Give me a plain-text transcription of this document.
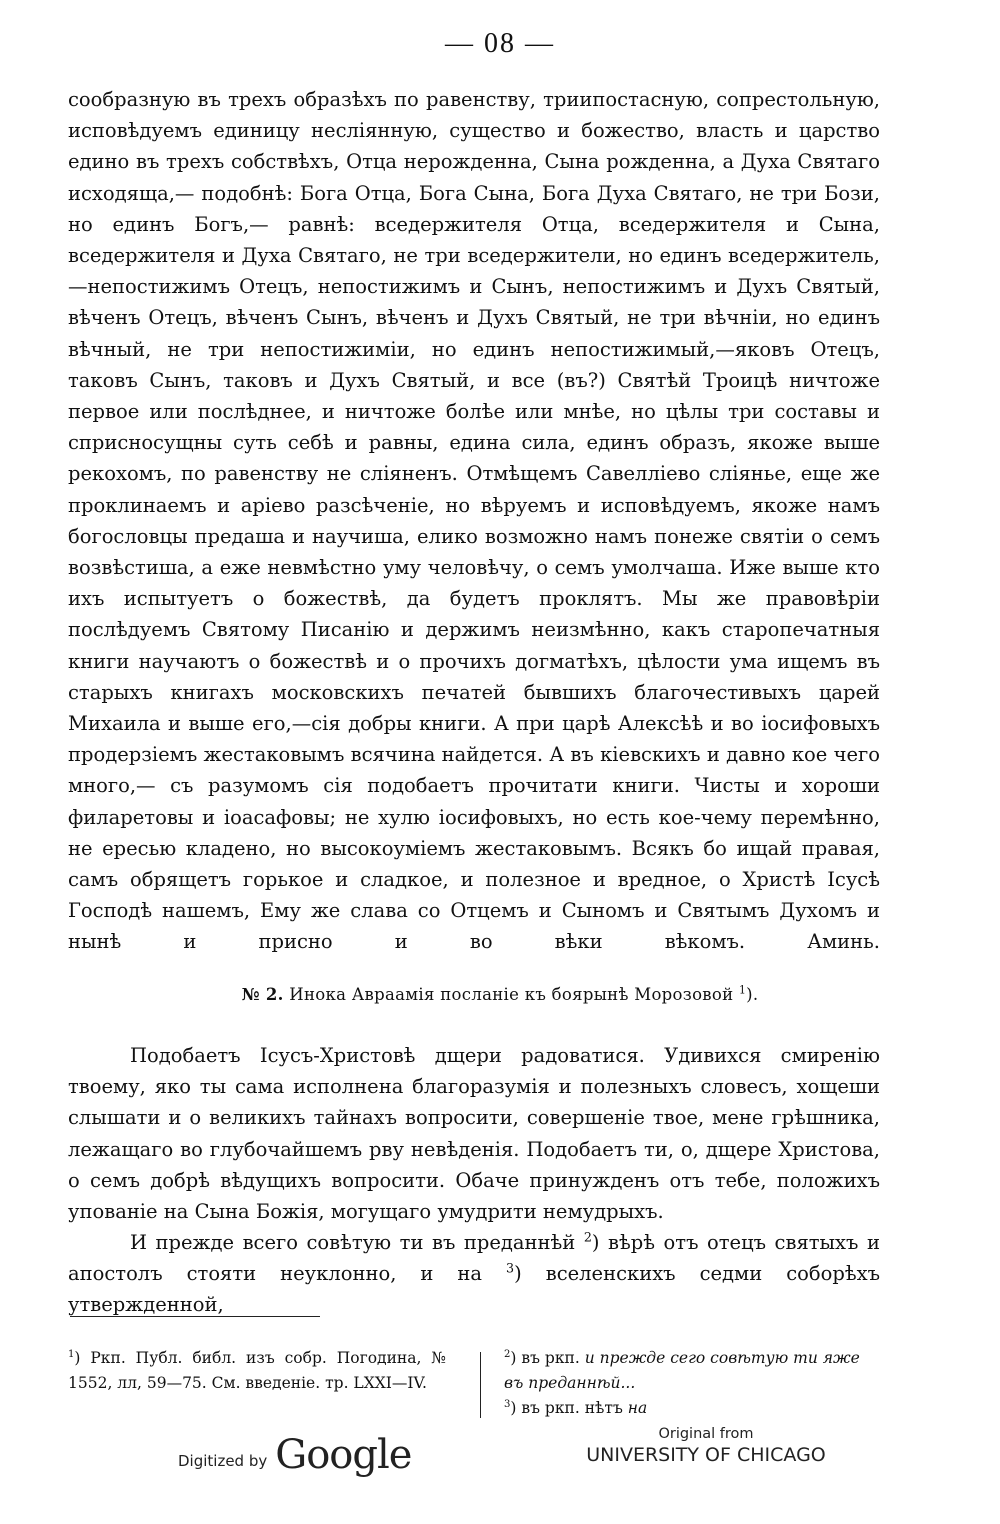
— 08 —

сообразную въ трехъ образѣхъ по равенству, триипостасную, сопрестольную, исповѣдуемъ единицу неслiянную, существо и божество, власть и царство едино въ трехъ собствѣхъ, Отца нерожденна, Сына рожденна, а Духа Святаго исходяща,— подобнѣ: Бога Отца, Бога Сына, Бога Духа Святаго, не три Бози, но единъ Богъ,— равнѣ: вседержителя Отца, вседержителя и Сына, вседержителя и Духа Святаго, не три вседержители, но единъ вседержитель,—непостижимъ Отецъ, непостижимъ и Сынъ, непостижимъ и Духъ Святый, вѣченъ Отецъ, вѣченъ Сынъ, вѣченъ и Духъ Святый, не три вѣчніи, но единъ вѣчный, не три непостижиміи, но единъ непостижимый,—яковъ Отецъ, таковъ Сынъ, таковъ и Духъ Святый, и все (въ?) Святѣй Троицѣ ничтоже первое или послѣднее, и ничтоже болѣе или мнѣе, но цѣлы три составы и сприсносущны суть себѣ и равны, едина сила, единъ образъ, якоже выше рекохомъ, по равенству не слiяненъ. Отмѣщемъ Савелліево сліянье, еще же проклинаемъ и аріево разсѣченіе, но вѣруемъ и исповѣдуемъ, якоже намъ богословцы предаша и научиша, елико возможно намъ понеже святіи о семъ возвѣстиша, а еже невмѣстно уму человѣчу, о семъ умолчаша. Иже выше кто ихъ испытуетъ о божествѣ, да будетъ проклятъ. Мы же правовѣріи послѣдуемъ Святому Писанію и держимъ неизмѣнно, какъ старопечатныя книги научаютъ о божествѣ и о прочихъ догматѣхъ, цѣлости ума ищемъ въ старыхъ книгахъ московскихъ печатей бывшихъ благочестивыхъ царей Михаила и выше его,—сія добры книги. А при царѣ Алексѣѣ и во іосифовыхъ продерзіемъ жестаковымъ всячина найдется. А въ кіевскихъ и давно кое чего много,— съ разумомъ сія подобаетъ прочитати книги. Чисты и хороши филаретовы и іоасафовы; не хулю іосифовыхъ, но есть кое-чему перемѣнно, не ересью кладено, но высокоуміемъ жестаковымъ. Всякъ бо ищай правая, самъ обрящетъ горькое и сладкое, и полезное и вредное, о Христѣ Ісусѣ Господѣ нашемъ, Ему же слава со Отцемъ и Сыномъ и Святымъ Духомъ и нынѣ и присно и во вѣки вѣкомъ. Аминь.

№ 2. Инока Авраамія посланіе къ боярынѣ Морозовой $^1$).

Подобаетъ Ісусъ-Христовѣ дщери радоватися. Удивихся смиренію твоему, яко ты сама исполнена благоразумія и полезныхъ словесъ, хощеши слышати и о великихъ тайнахъ вопросити, совершеніе твое, мене грѣшника, лежащаго во глубочайшемъ рву невѣденія. Подобаетъ ти, о, дщере Христова, о семъ добрѣ вѣдущихъ вопросити. Обаче принужденъ отъ тебе, положихъ упованіе на Сына Божія, могущаго умудрити немудрыхъ.

И прежде всего совѣтую ти въ преданнѣй $^2$) вѣрѣ отъ отецъ святыхъ и апостолъ стояти неуклонно, и на $^3$) вселенскихъ седми соборѣхъ утвержденной,

$^1$) Ркп. Публ. библ. изъ собр. Погодина, № 1552, лл, 59—75. См. введеніе. тр. LXXI—IV.

$^2$) въ ркп. и прежде сего совѣтую ти яже въ преданнѣй...
$^3$) въ ркп. нѣтъ на
Digitized by Google	Original from
UNIVERSITY OF CHICAGO
